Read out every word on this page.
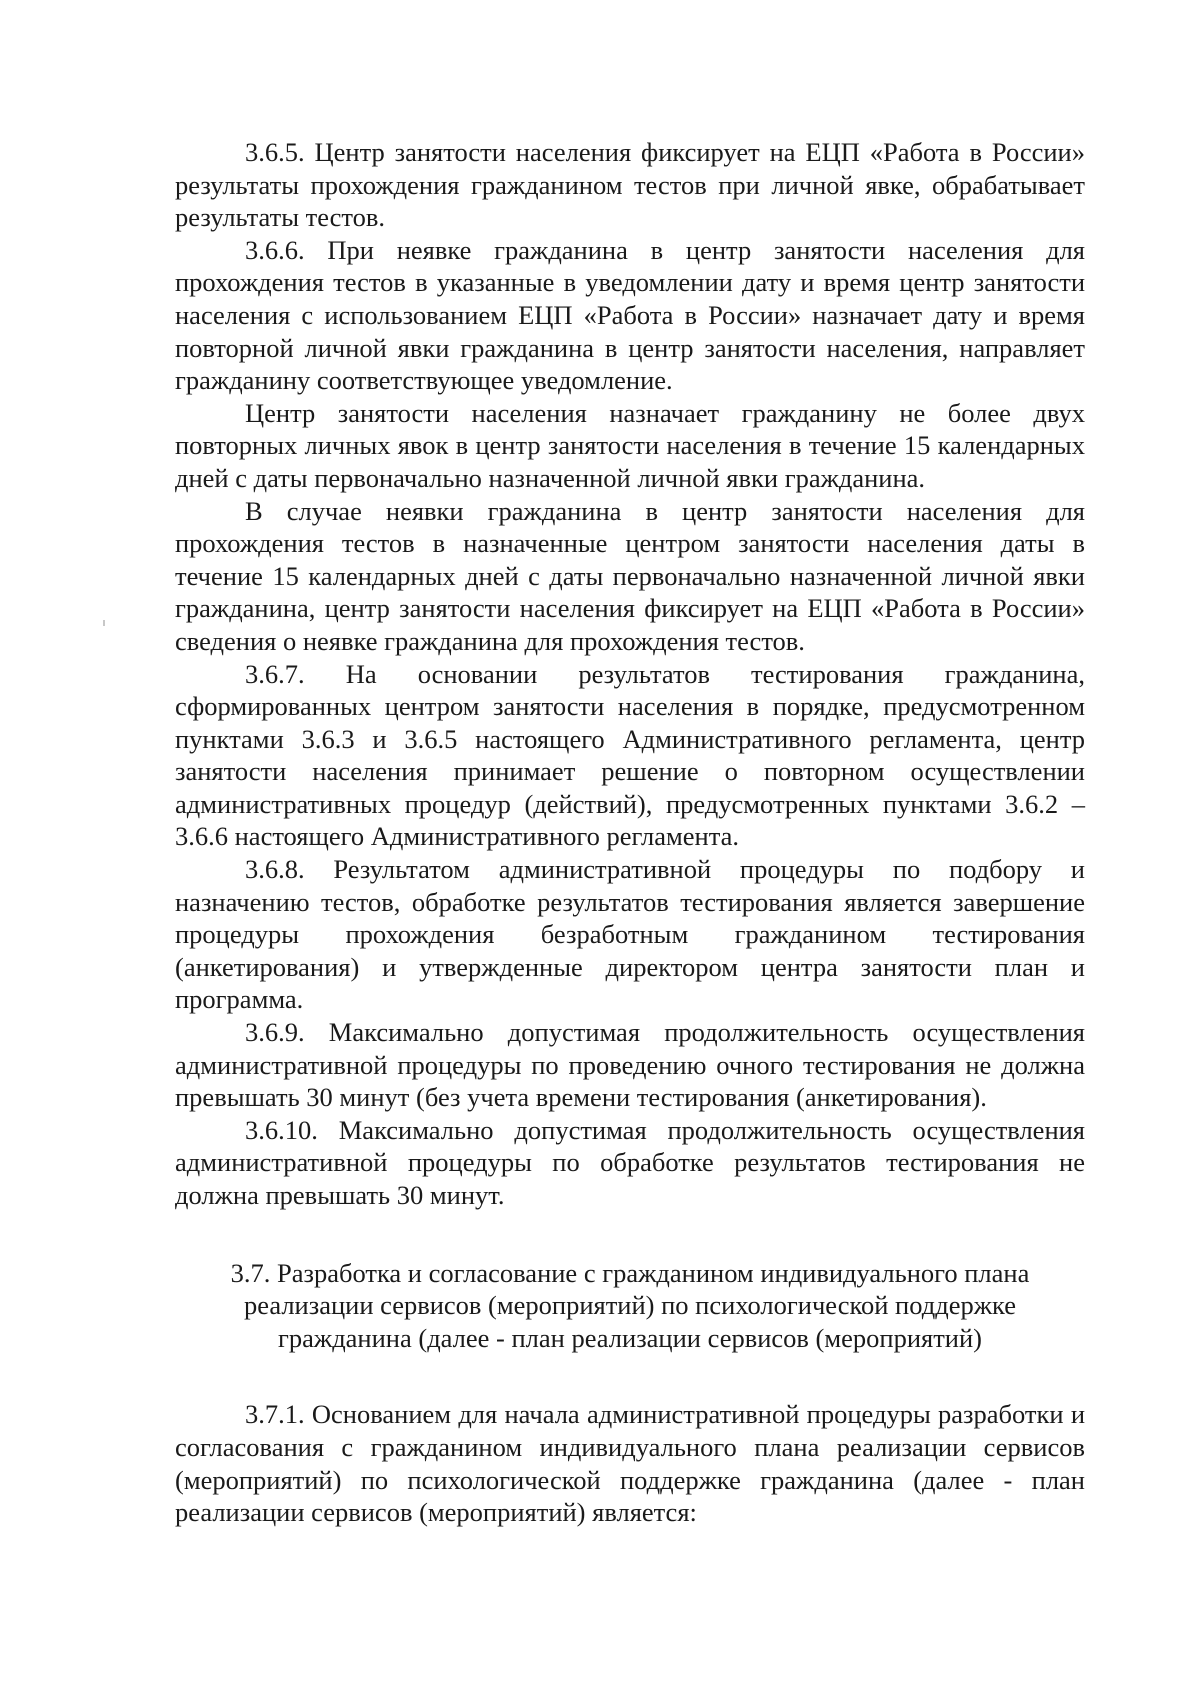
3.6.5. Центр занятости населения фиксирует на ЕЦП «Работа в России» результаты прохождения гражданином тестов при личной явке, обрабатывает результаты тестов.

3.6.6. При неявке гражданина в центр занятости населения для прохождения тестов в указанные в уведомлении дату и время центр занятости населения с использованием ЕЦП «Работа в России» назначает дату и время повторной личной явки гражданина в центр занятости населения, направляет гражданину соответствующее уведомление.

Центр занятости населения назначает гражданину не более двух повторных личных явок в центр занятости населения в течение 15 календарных дней с даты первоначально назначенной личной явки гражданина.

В случае неявки гражданина в центр занятости населения для прохождения тестов в назначенные центром занятости населения даты в течение 15 календарных дней с даты первоначально назначенной личной явки гражданина, центр занятости населения фиксирует на ЕЦП «Работа в России» сведения о неявке гражданина для прохождения тестов.

3.6.7. На основании результатов тестирования гражданина, сформированных центром занятости населения в порядке, предусмотренном пунктами 3.6.3 и 3.6.5 настоящего Административного регламента, центр занятости населения принимает решение о повторном осуществлении административных процедур (действий), предусмотренных пунктами 3.6.2 – 3.6.6 настоящего Административного регламента.

3.6.8. Результатом административной процедуры по подбору и назначению тестов, обработке результатов тестирования является завершение процедуры прохождения безработным гражданином тестирования (анкетирования) и утвержденные директором центра занятости план и программа.

3.6.9. Максимально допустимая продолжительность осуществления административной процедуры по проведению очного тестирования не должна превышать 30 минут (без учета времени тестирования (анкетирования).

3.6.10. Максимально допустимая продолжительность осуществления административной процедуры по обработке результатов тестирования не должна превышать 30 минут.

3.7. Разработка и согласование с гражданином индивидуального плана реализации сервисов (мероприятий) по психологической поддержке гражданина (далее - план реализации сервисов (мероприятий)

3.7.1. Основанием для начала административной процедуры разработки и согласования с гражданином индивидуального плана реализации сервисов (мероприятий) по психологической поддержке гражданина (далее - план реализации сервисов (мероприятий) является:
